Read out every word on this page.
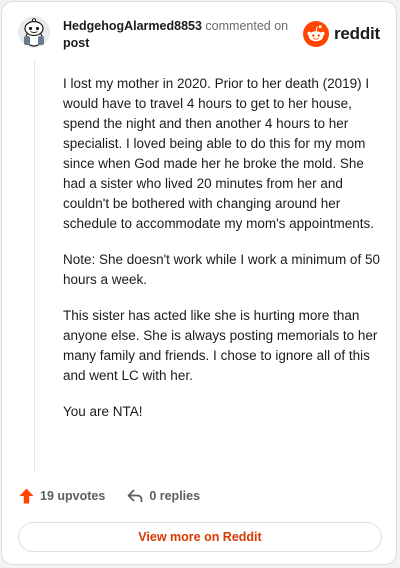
HedgehogAlarmed8853 commented on
post	reddit

I lost my mother in 2020. Prior to her death (2019) I would have to travel 4 hours to get to her house, spend the night and then another 4 hours to her specialist. I loved being able to do this for my mom since when God made her he broke the mold. She had a sister who lived 20 minutes from her and couldn't be bothered with changing around her schedule to accommodate my mom's appointments.

Note: She doesn't work while I work a minimum of 50 hours a week.

This sister has acted like she is hurting more than anyone else. She is always posting memorials to her many family and friends. I chose to ignore all of this and went LC with her.

You are NTA!

19 upvotes	0 replies
View more on Reddit
